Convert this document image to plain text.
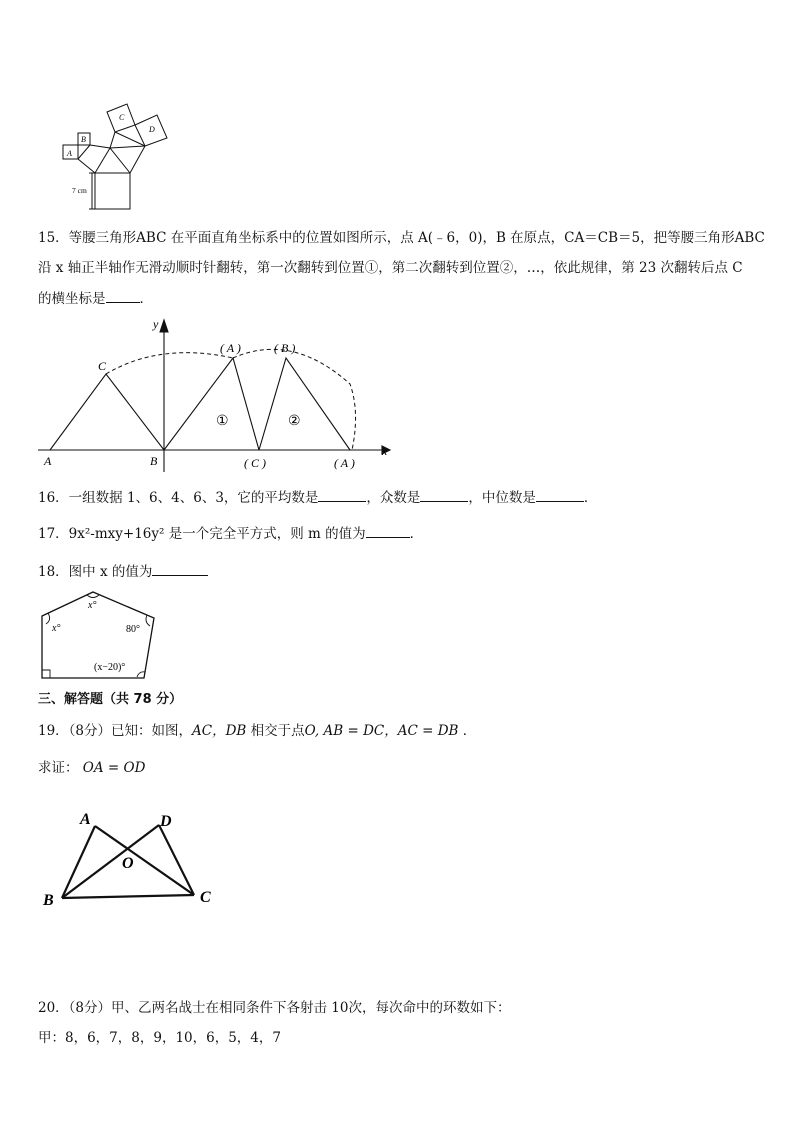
A
B
C
D
7 cm
15．等腰三角形ABC 在平面直角坐标系中的位置如图所示，点 A(﹣6，0)，B 在原点，CA＝CB＝5，把等腰三角形ABC
沿 x 轴正半轴作无滑动顺时针翻转，第一次翻转到位置①，第二次翻转到位置②，…，依此规律，第 23 次翻转后点 C
的横坐标是	．
y
x
A	B
C
( A )	( B )
( C )	( A )
①	②
16．一组数据 1、6、4、6、3，它的平均数是	，众数是	，中位数是	．
17．9x²-mxy+16y² 是一个完全平方式，则 m 的值为	．
18．图中 x 的值为
x°
x°	80°
(x−20)°
三、解答题（共 78 分）
19．（8分）已知：如图，AC，DB 相交于点O, AB = DC，AC = DB ．
求证： OA = OD
A	D
O
B	C
20．（8分）甲、乙两名战士在相同条件下各射击 10次，每次命中的环数如下：
甲：8，6，7，8，9，10，6，5，4，7
